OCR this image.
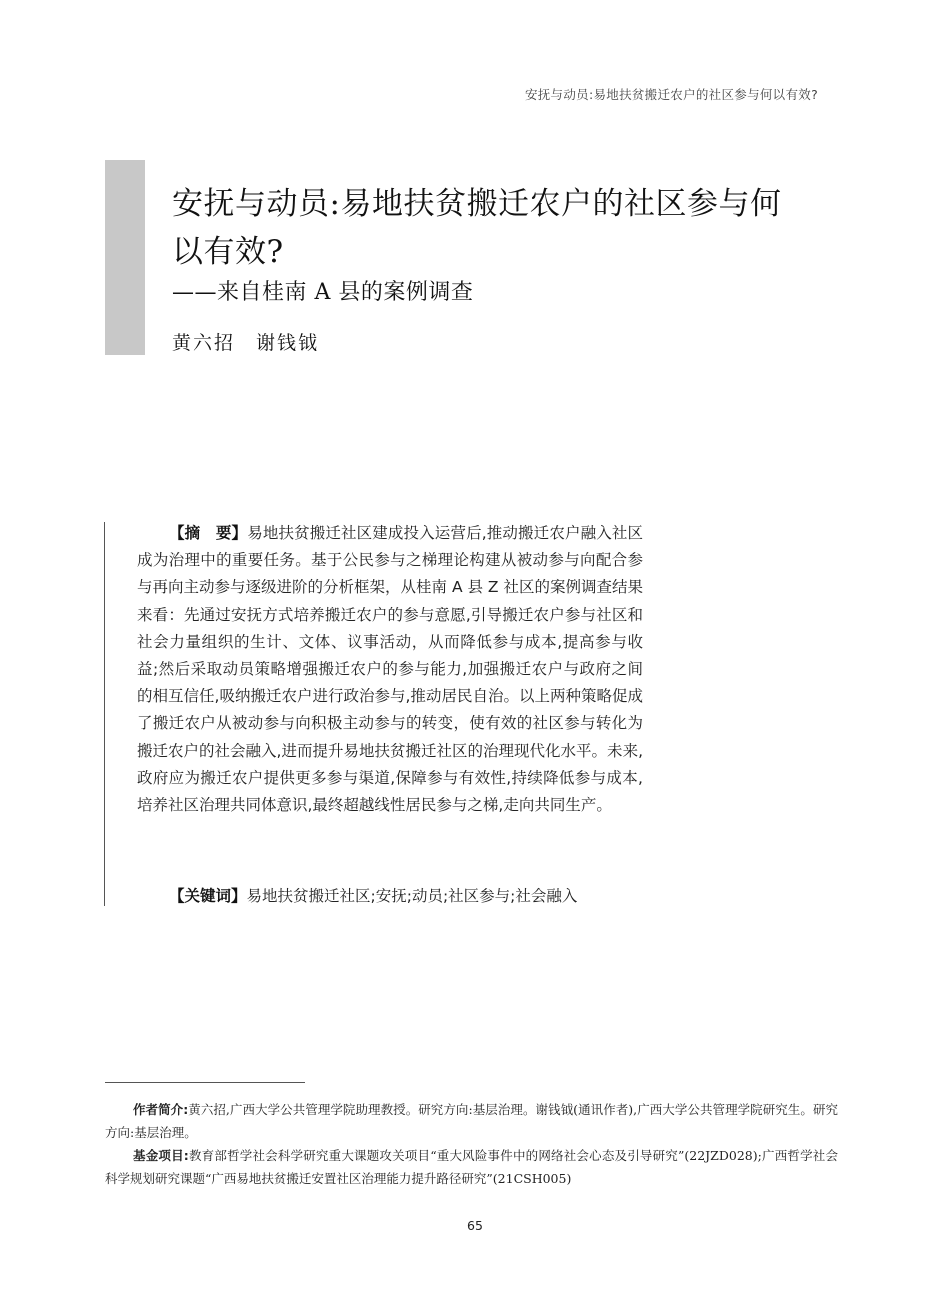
安抚与动员:易地扶贫搬迁农户的社区参与何以有效?
安抚与动员:易地扶贫搬迁农户的社区参与何以有效?
——来自桂南 A 县的案例调查
黄六招　谢钱钺
【摘　要】易地扶贫搬迁社区建成投入运营后,推动搬迁农户融入社区成为治理中的重要任务。基于公民参与之梯理论构建从被动参与向配合参与再向主动参与逐级进阶的分析框架，从桂南 A 县 Z 社区的案例调查结果来看：先通过安抚方式培养搬迁农户的参与意愿,引导搬迁农户参与社区和社会力量组织的生计、文体、议事活动，从而降低参与成本,提高参与收益;然后采取动员策略增强搬迁农户的参与能力,加强搬迁农户与政府之间的相互信任,吸纳搬迁农户进行政治参与,推动居民自治。以上两种策略促成了搬迁农户从被动参与向积极主动参与的转变，使有效的社区参与转化为搬迁农户的社会融入,进而提升易地扶贫搬迁社区的治理现代化水平。未来,政府应为搬迁农户提供更多参与渠道,保障参与有效性,持续降低参与成本,培养社区治理共同体意识,最终超越线性居民参与之梯,走向共同生产。
【关键词】易地扶贫搬迁社区;安抚;动员;社区参与;社会融入

作者简介:黄六招,广西大学公共管理学院助理教授。研究方向:基层治理。谢钱钺(通讯作者),广西大学公共管理学院研究生。研究方向:基层治理。

基金项目:教育部哲学社会科学研究重大课题攻关项目“重大风险事件中的网络社会心态及引导研究”(22JZD028);广西哲学社会科学规划研究课题“广西易地扶贫搬迁安置社区治理能力提升路径研究”(21CSH005)

65
